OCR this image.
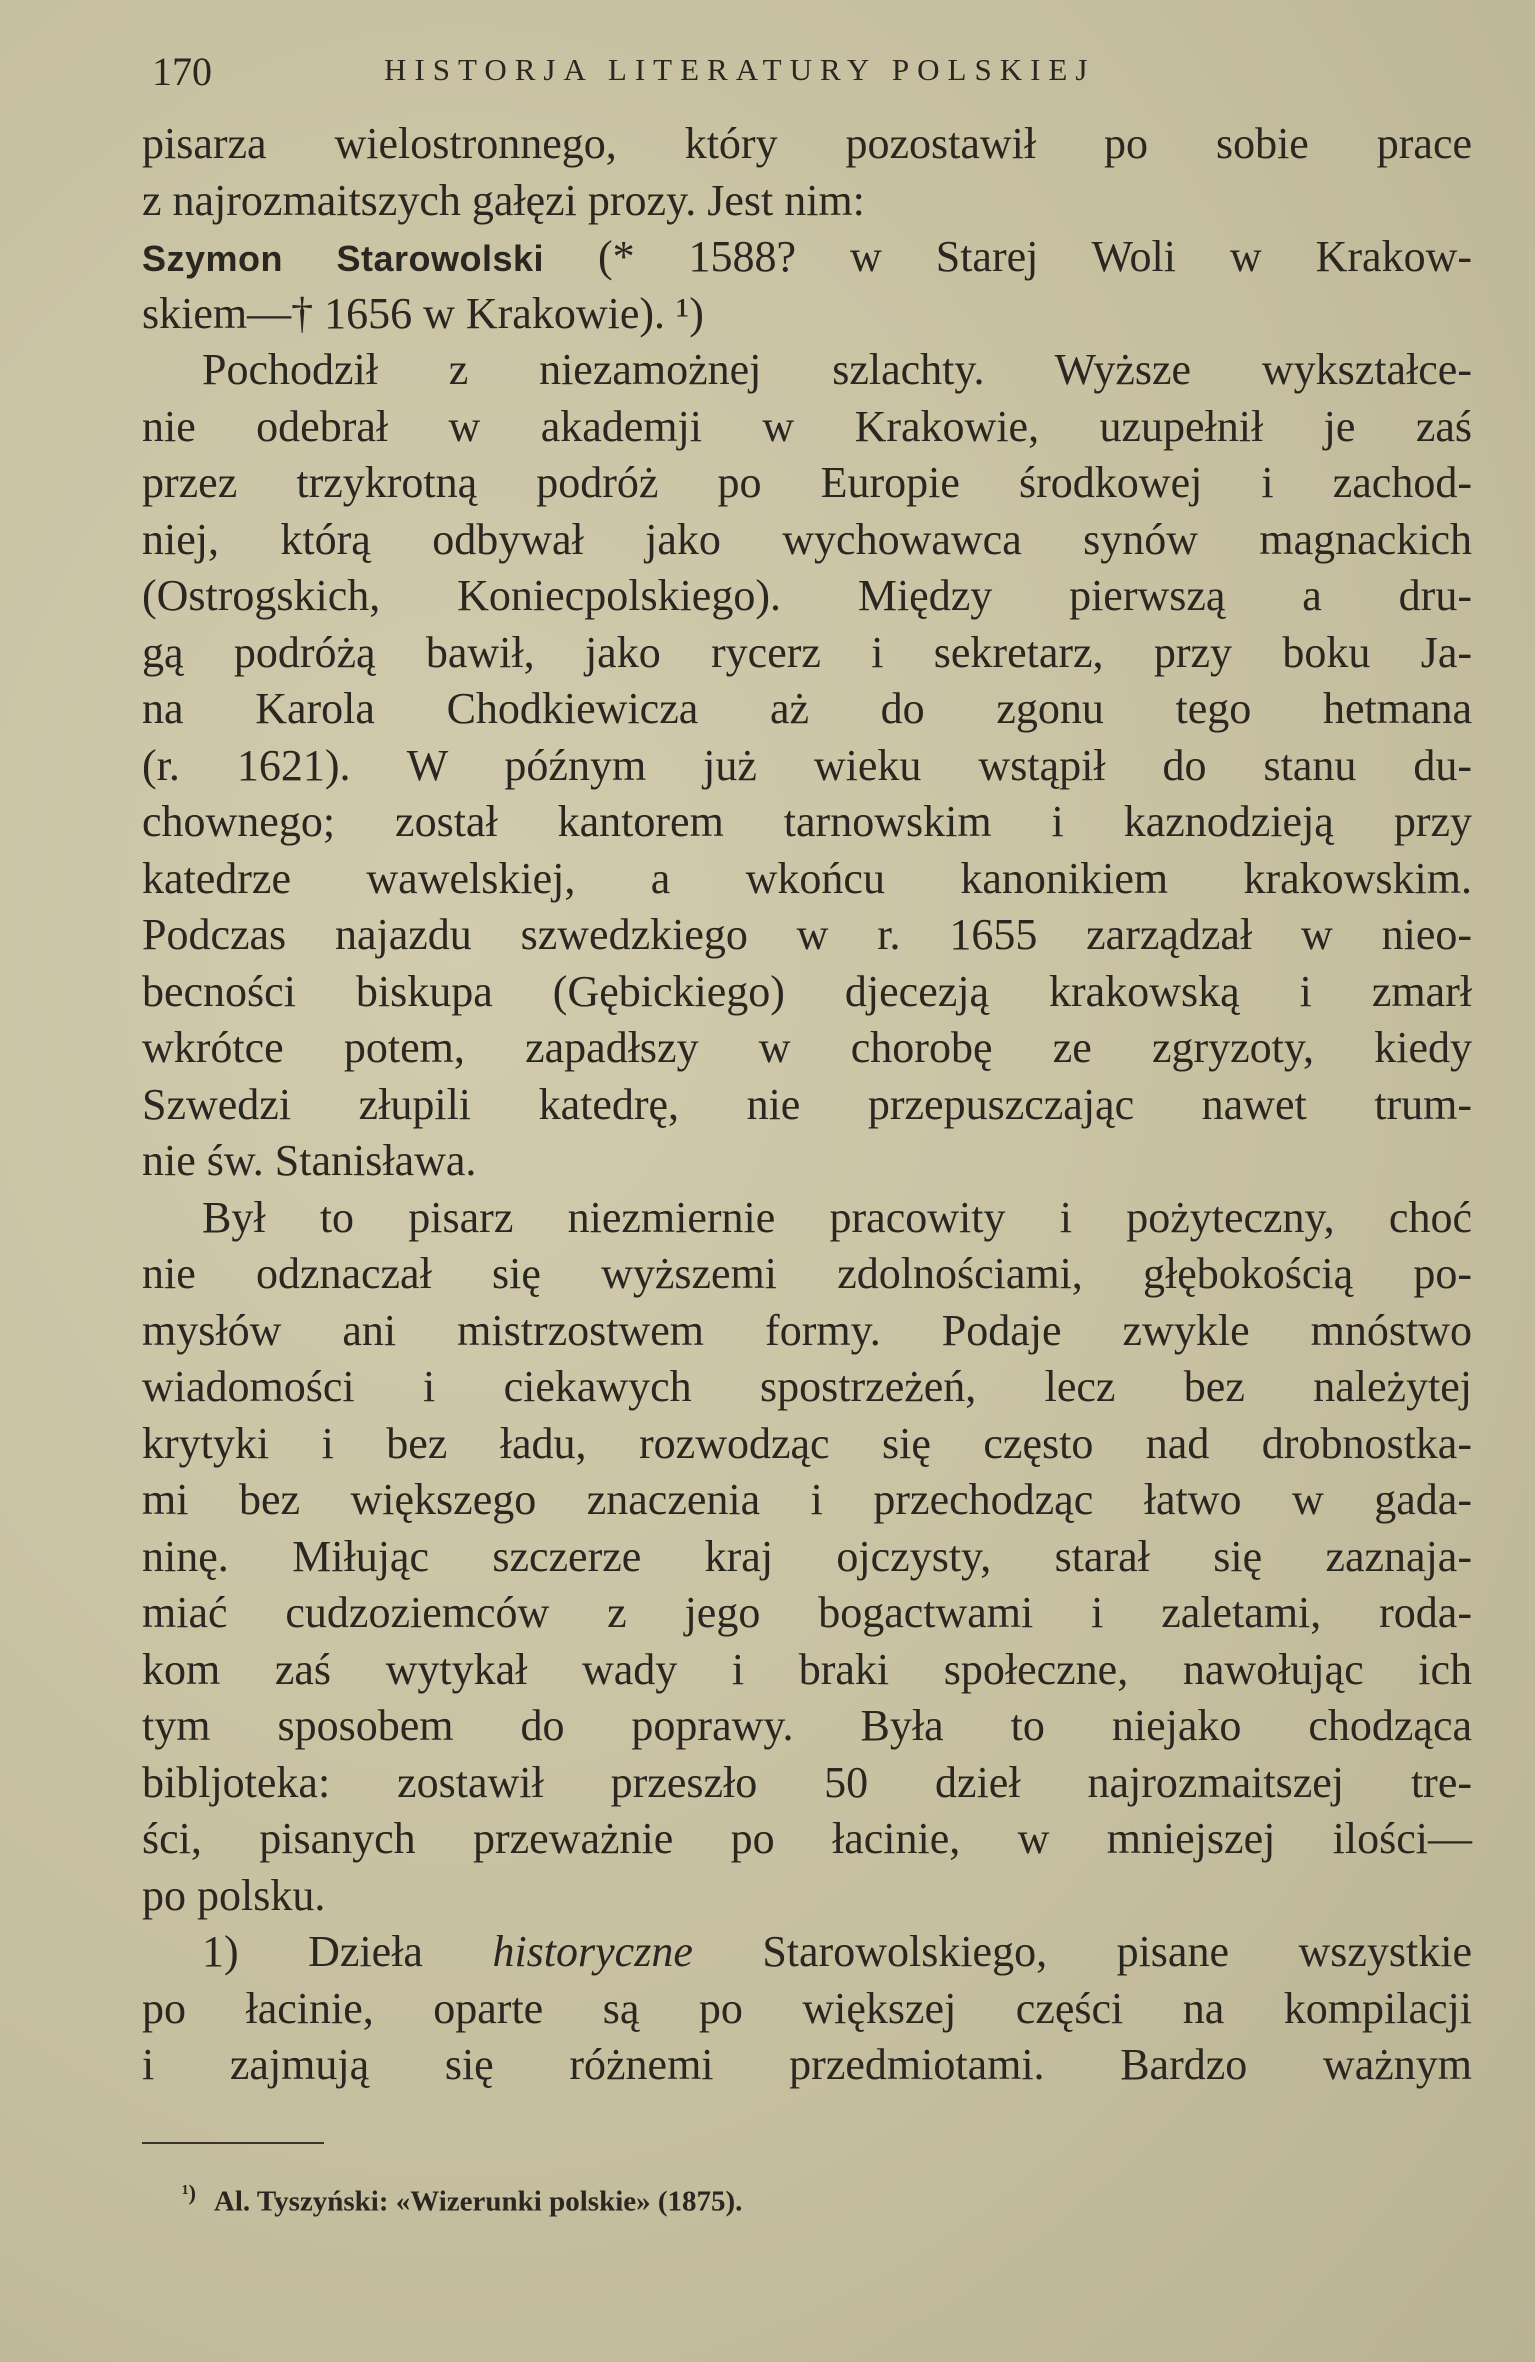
170	HISTORJA LITERATURY POLSKIEJ
pisarza wielostronnego, który pozostawił po sobie prace
z najrozmaitszych gałęzi prozy. Jest nim:
Szymon Starowolski (* 1588? w Starej Woli w Krakow-
skiem—† 1656 w Krakowie). ¹)
Pochodził z niezamożnej szlachty. Wyższe wykształce-
nie odebrał w akademji w Krakowie, uzupełnił je zaś
przez trzykrotną podróż po Europie środkowej i zachod-
niej, którą odbywał jako wychowawca synów magnackich
(Ostrogskich, Koniecpolskiego). Między pierwszą a dru-
gą podróżą bawił, jako rycerz i sekretarz, przy boku Ja-
na Karola Chodkiewicza aż do zgonu tego hetmana
(r. 1621). W późnym już wieku wstąpił do stanu du-
chownego; został kantorem tarnowskim i kaznodzieją przy
katedrze wawelskiej, a wkońcu kanonikiem krakowskim.
Podczas najazdu szwedzkiego w r. 1655 zarządzał w nieo-
becności biskupa (Gębickiego) djecezją krakowską i zmarł
wkrótce potem, zapadłszy w chorobę ze zgryzoty, kiedy
Szwedzi złupili katedrę, nie przepuszczając nawet trum-
nie św. Stanisława.
Był to pisarz niezmiernie pracowity i pożyteczny, choć
nie odznaczał się wyższemi zdolnościami, głębokością po-
mysłów ani mistrzostwem formy. Podaje zwykle mnóstwo
wiadomości i ciekawych spostrzeżeń, lecz bez należytej
krytyki i bez ładu, rozwodząc się często nad drobnostka-
mi bez większego znaczenia i przechodząc łatwo w gada-
ninę. Miłując szczerze kraj ojczysty, starał się zaznaja-
miać cudzoziemców z jego bogactwami i zaletami, roda-
kom zaś wytykał wady i braki społeczne, nawołując ich
tym sposobem do poprawy. Była to niejako chodząca
bibljoteka: zostawił przeszło 50 dzieł najrozmaitszej tre-
ści, pisanych przeważnie po łacinie, w mniejszej ilości—
po polsku.
1) Dzieła historyczne Starowolskiego, pisane wszystkie
po łacinie, oparte są po większej części na kompilacji
i zajmują się różnemi przedmiotami. Bardzo ważnym
$^{^1)}$ Al. Tyszyński: «Wizerunki polskie» (1875).
